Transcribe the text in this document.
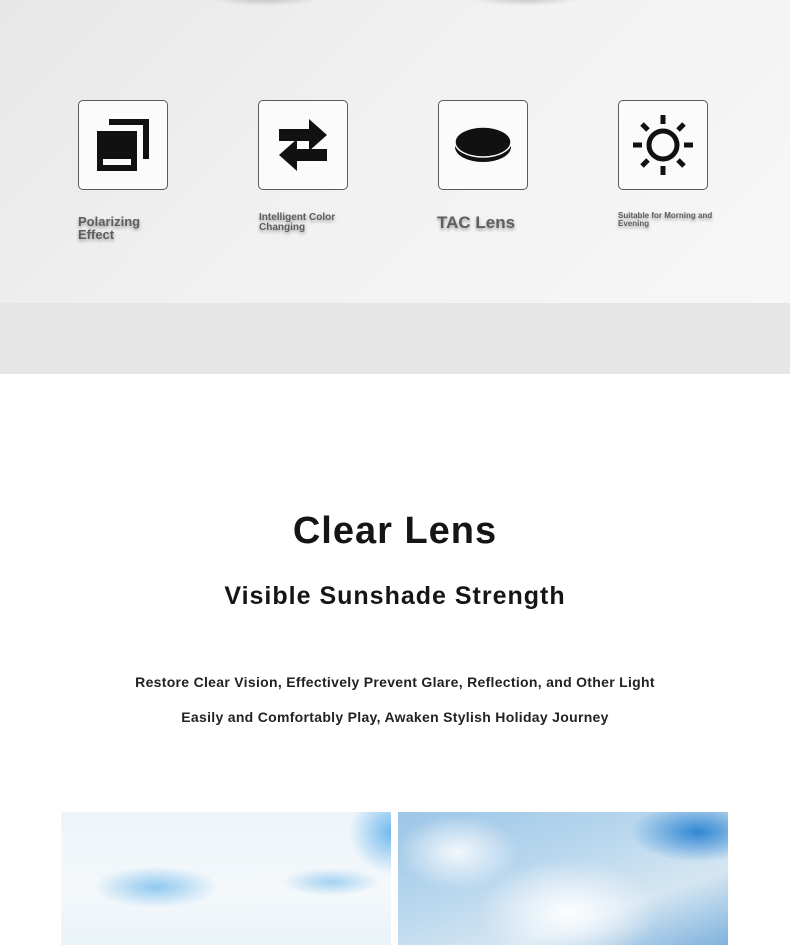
Polarizing Effect
Intelligent Color Changing	TAC Lens	Suitable for Morning and Evening
Clear Lens
Visible Sunshade Strength
Restore Clear Vision, Effectively Prevent Glare, Reflection, and Other Light
Easily and Comfortably Play, Awaken Stylish Holiday Journey
